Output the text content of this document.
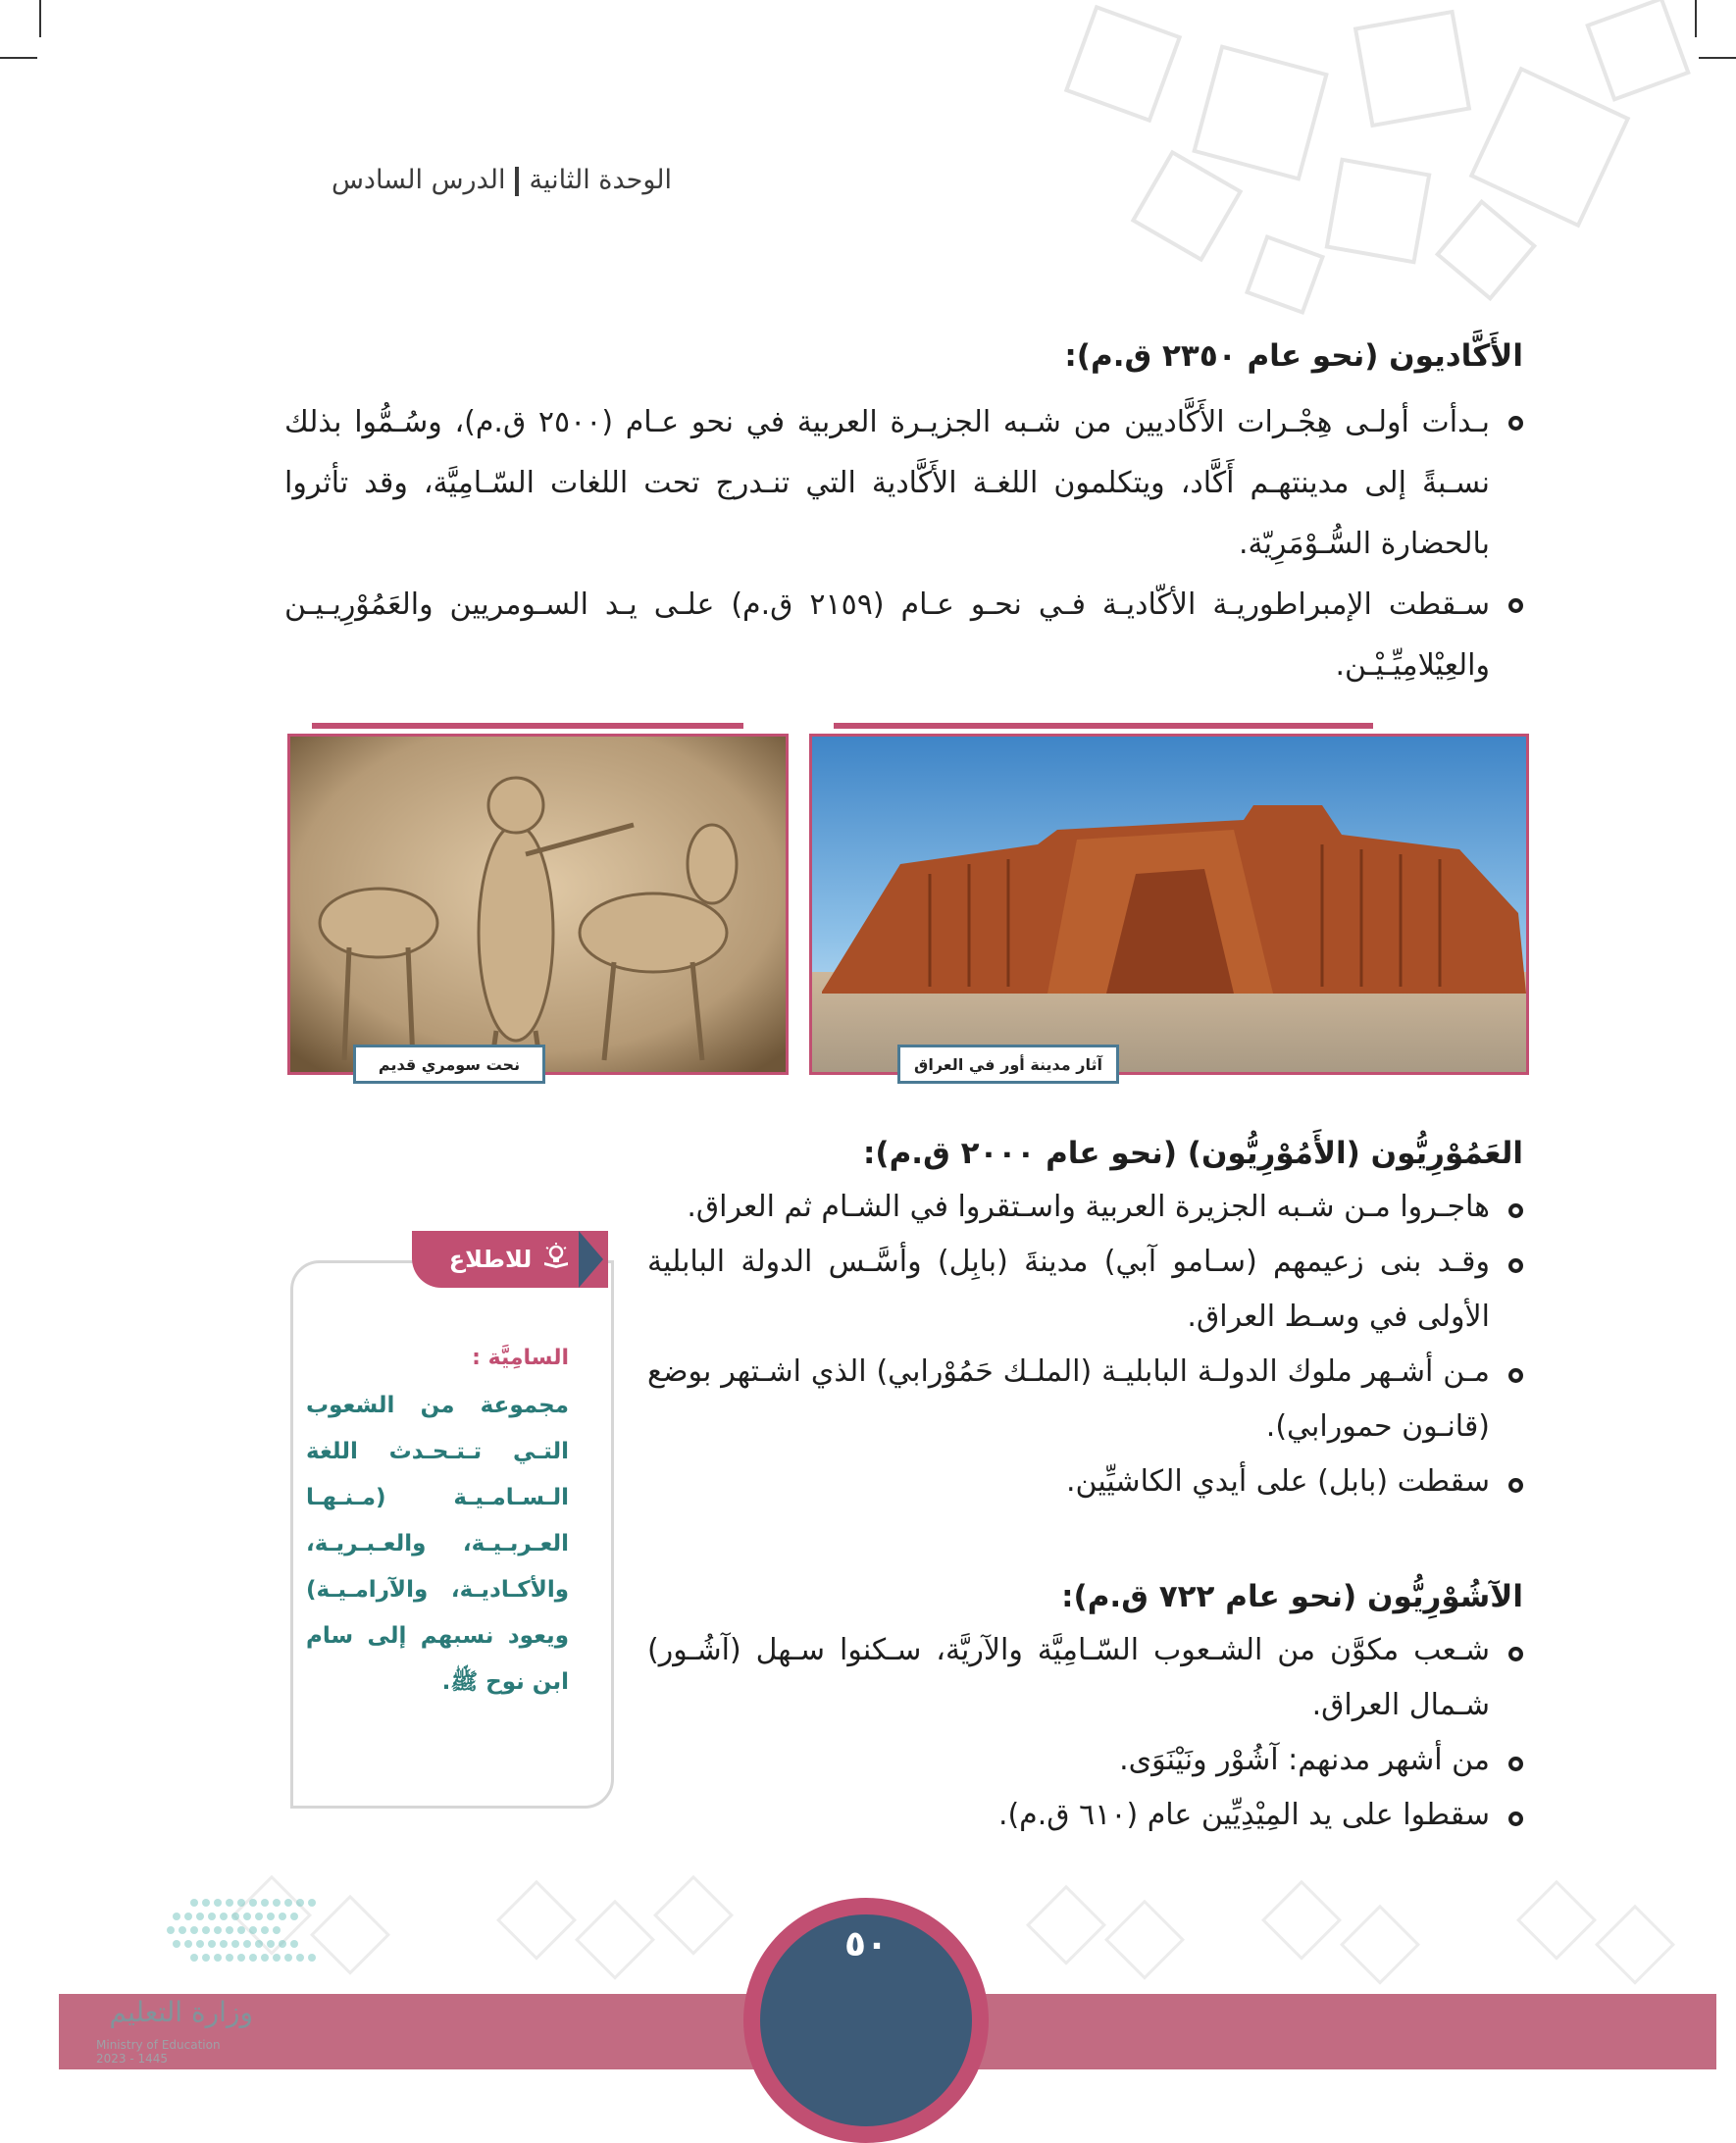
الوحدة الثانيةالدرس السادس
الأَكَّاديون (نحو عام ٢٣٥٠ ق.م):
بـدأت أولـى هِجْـرات الأَكَّاديين من شـبه الجزيـرة العربية في نحو عـام (٢٥٠٠ ق.م)، وسُـمُّوا بذلك نسـبةً إلى مدينتهـم أَكَّاد، ويتكلمون اللغـة الأَكَّادية التي تنـدرج تحت اللغات السّـامِيَّة، وقد تأثروا بالحضارة السُّـوْمَرِيّة.
سـقطت الإمبراطوريـة الأكّاديـة فـي نحـو عـام (٢١٥٩ ق.م) علـى يـد السـومريين والعَمُوْرِيـيـن والعِيْلامِيِّـيْـن.
آثار مدينة أور في العراق
نحت سومري قديم
للاطلاع
السامِيَّة :
مجموعة من الشعوب التـي تـتـحـدث اللغة الـسـامـيـة (مـنـهـا العـربـيـة، والعـبـريـة، والأكـاديـة، والآرامـيـة) ويعود نسبهم إلى سام ابن نوح ﷺ.
العَمُوْرِيُّون (الأَمُوْرِيُّون) (نحو عام ٢٠٠٠ ق.م):
هاجـروا مـن شـبه الجزيرة العربية واسـتقروا في الشـام ثم العراق.
وقـد بنى زعيمهم (سـامو آبي) مدينةَ (بابِل) وأسَّـس الدولة البابلية الأولى في وسـط العراق.
مـن أشـهر ملوك الدولـة البابليـة (الملـك حَمُوْرابي) الذي اشـتهر بوضع (قانـون حمورابي).
سقطت (بابل) على أيدي الكاشيِّين.
الآشُوْرِيُّون (نحو عام ٧٢٢ ق.م):
شـعب مكوَّن من الشـعوب السّـامِيَّة والآريَّة، سـكنوا سـهل (آشُـور) شـمال العراق.
من أشهر مدنهم: آشُوْر ونَيْنَوَى.
سقطوا على يد المِيْدِيِّين عام (٦١٠ ق.م).
٥٠
وزارة التعليم
Ministry of Education 2023 - 1445
